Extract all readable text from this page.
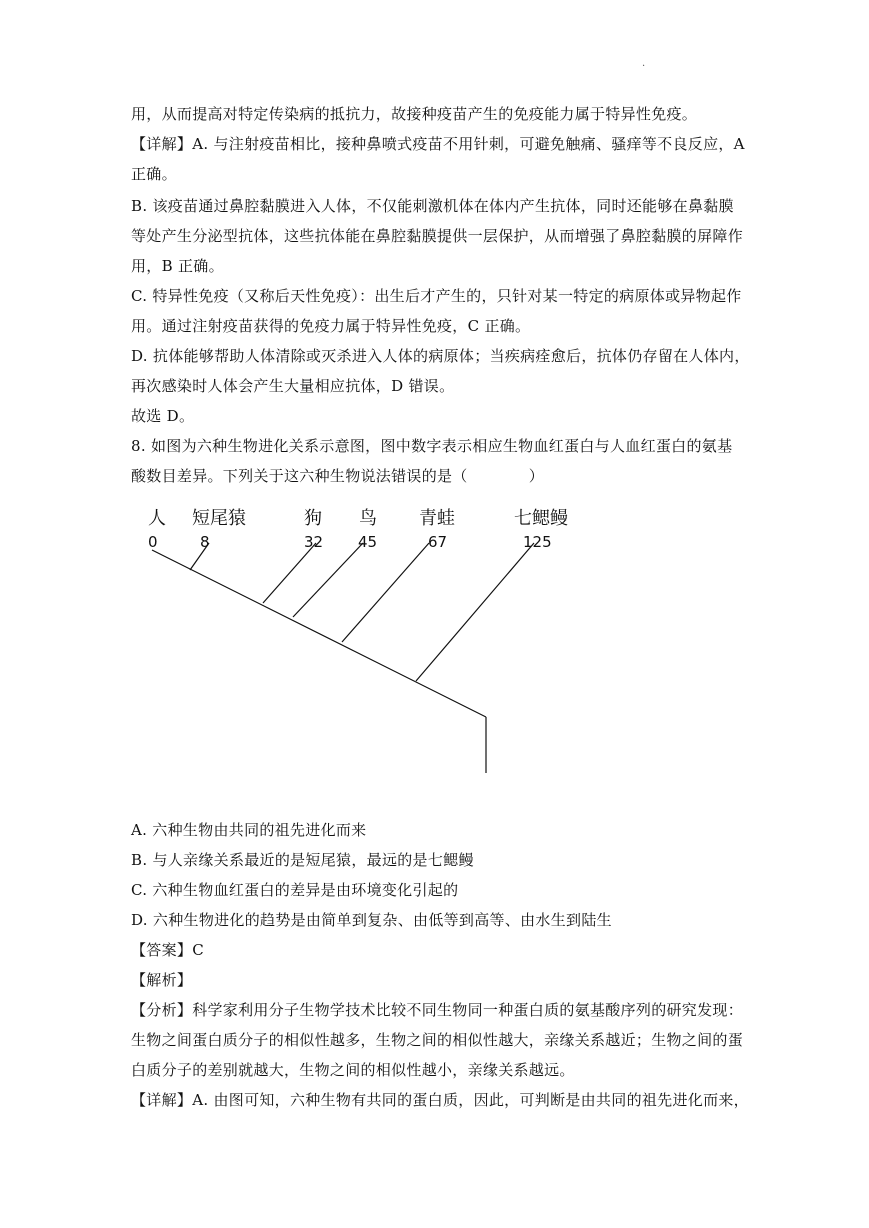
.
用，从而提高对特定传染病的抵抗力，故接种疫苗产生的免疫能力属于特异性免疫。
【详解】A. 与注射疫苗相比，接种鼻喷式疫苗不用针刺，可避免触痛、骚痒等不良反应，A
正确。
B. 该疫苗通过鼻腔黏膜进入人体，不仅能刺激机体在体内产生抗体，同时还能够在鼻黏膜
等处产生分泌型抗体，这些抗体能在鼻腔黏膜提供一层保护，从而增强了鼻腔黏膜的屏障作
用，B 正确。
C. 特异性免疫（又称后天性免疫）：出生后才产生的，只针对某一特定的病原体或异物起作
用。通过注射疫苗获得的免疫力属于特异性免疫，C 正确。
D. 抗体能够帮助人体清除或灭杀进入人体的病原体；当疾病痊愈后，抗体仍存留在人体内，
再次感染时人体会产生大量相应抗体，D 错误。
故选 D。
8. 如图为六种生物进化关系示意图，图中数字表示相应生物血红蛋白与人血红蛋白的氨基
酸数目差异。下列关于这六种生物说法错误的是（　　　　）
人 短尾猿	狗 鸟 青蛙	七鳃鳗
0	8	32 45	67	125
A. 六种生物由共同的祖先进化而来
B. 与人亲缘关系最近的是短尾猿，最远的是七鳃鳗
C. 六种生物血红蛋白的差异是由环境变化引起的
D. 六种生物进化的趋势是由简单到复杂、由低等到高等、由水生到陆生
【答案】C
【解析】
【分析】科学家利用分子生物学技术比较不同生物同一种蛋白质的氨基酸序列的研究发现：
生物之间蛋白质分子的相似性越多，生物之间的相似性越大，亲缘关系越近；生物之间的蛋
白质分子的差别就越大，生物之间的相似性越小，亲缘关系越远。
【详解】A. 由图可知，六种生物有共同的蛋白质，因此，可判断是由共同的祖先进化而来，
